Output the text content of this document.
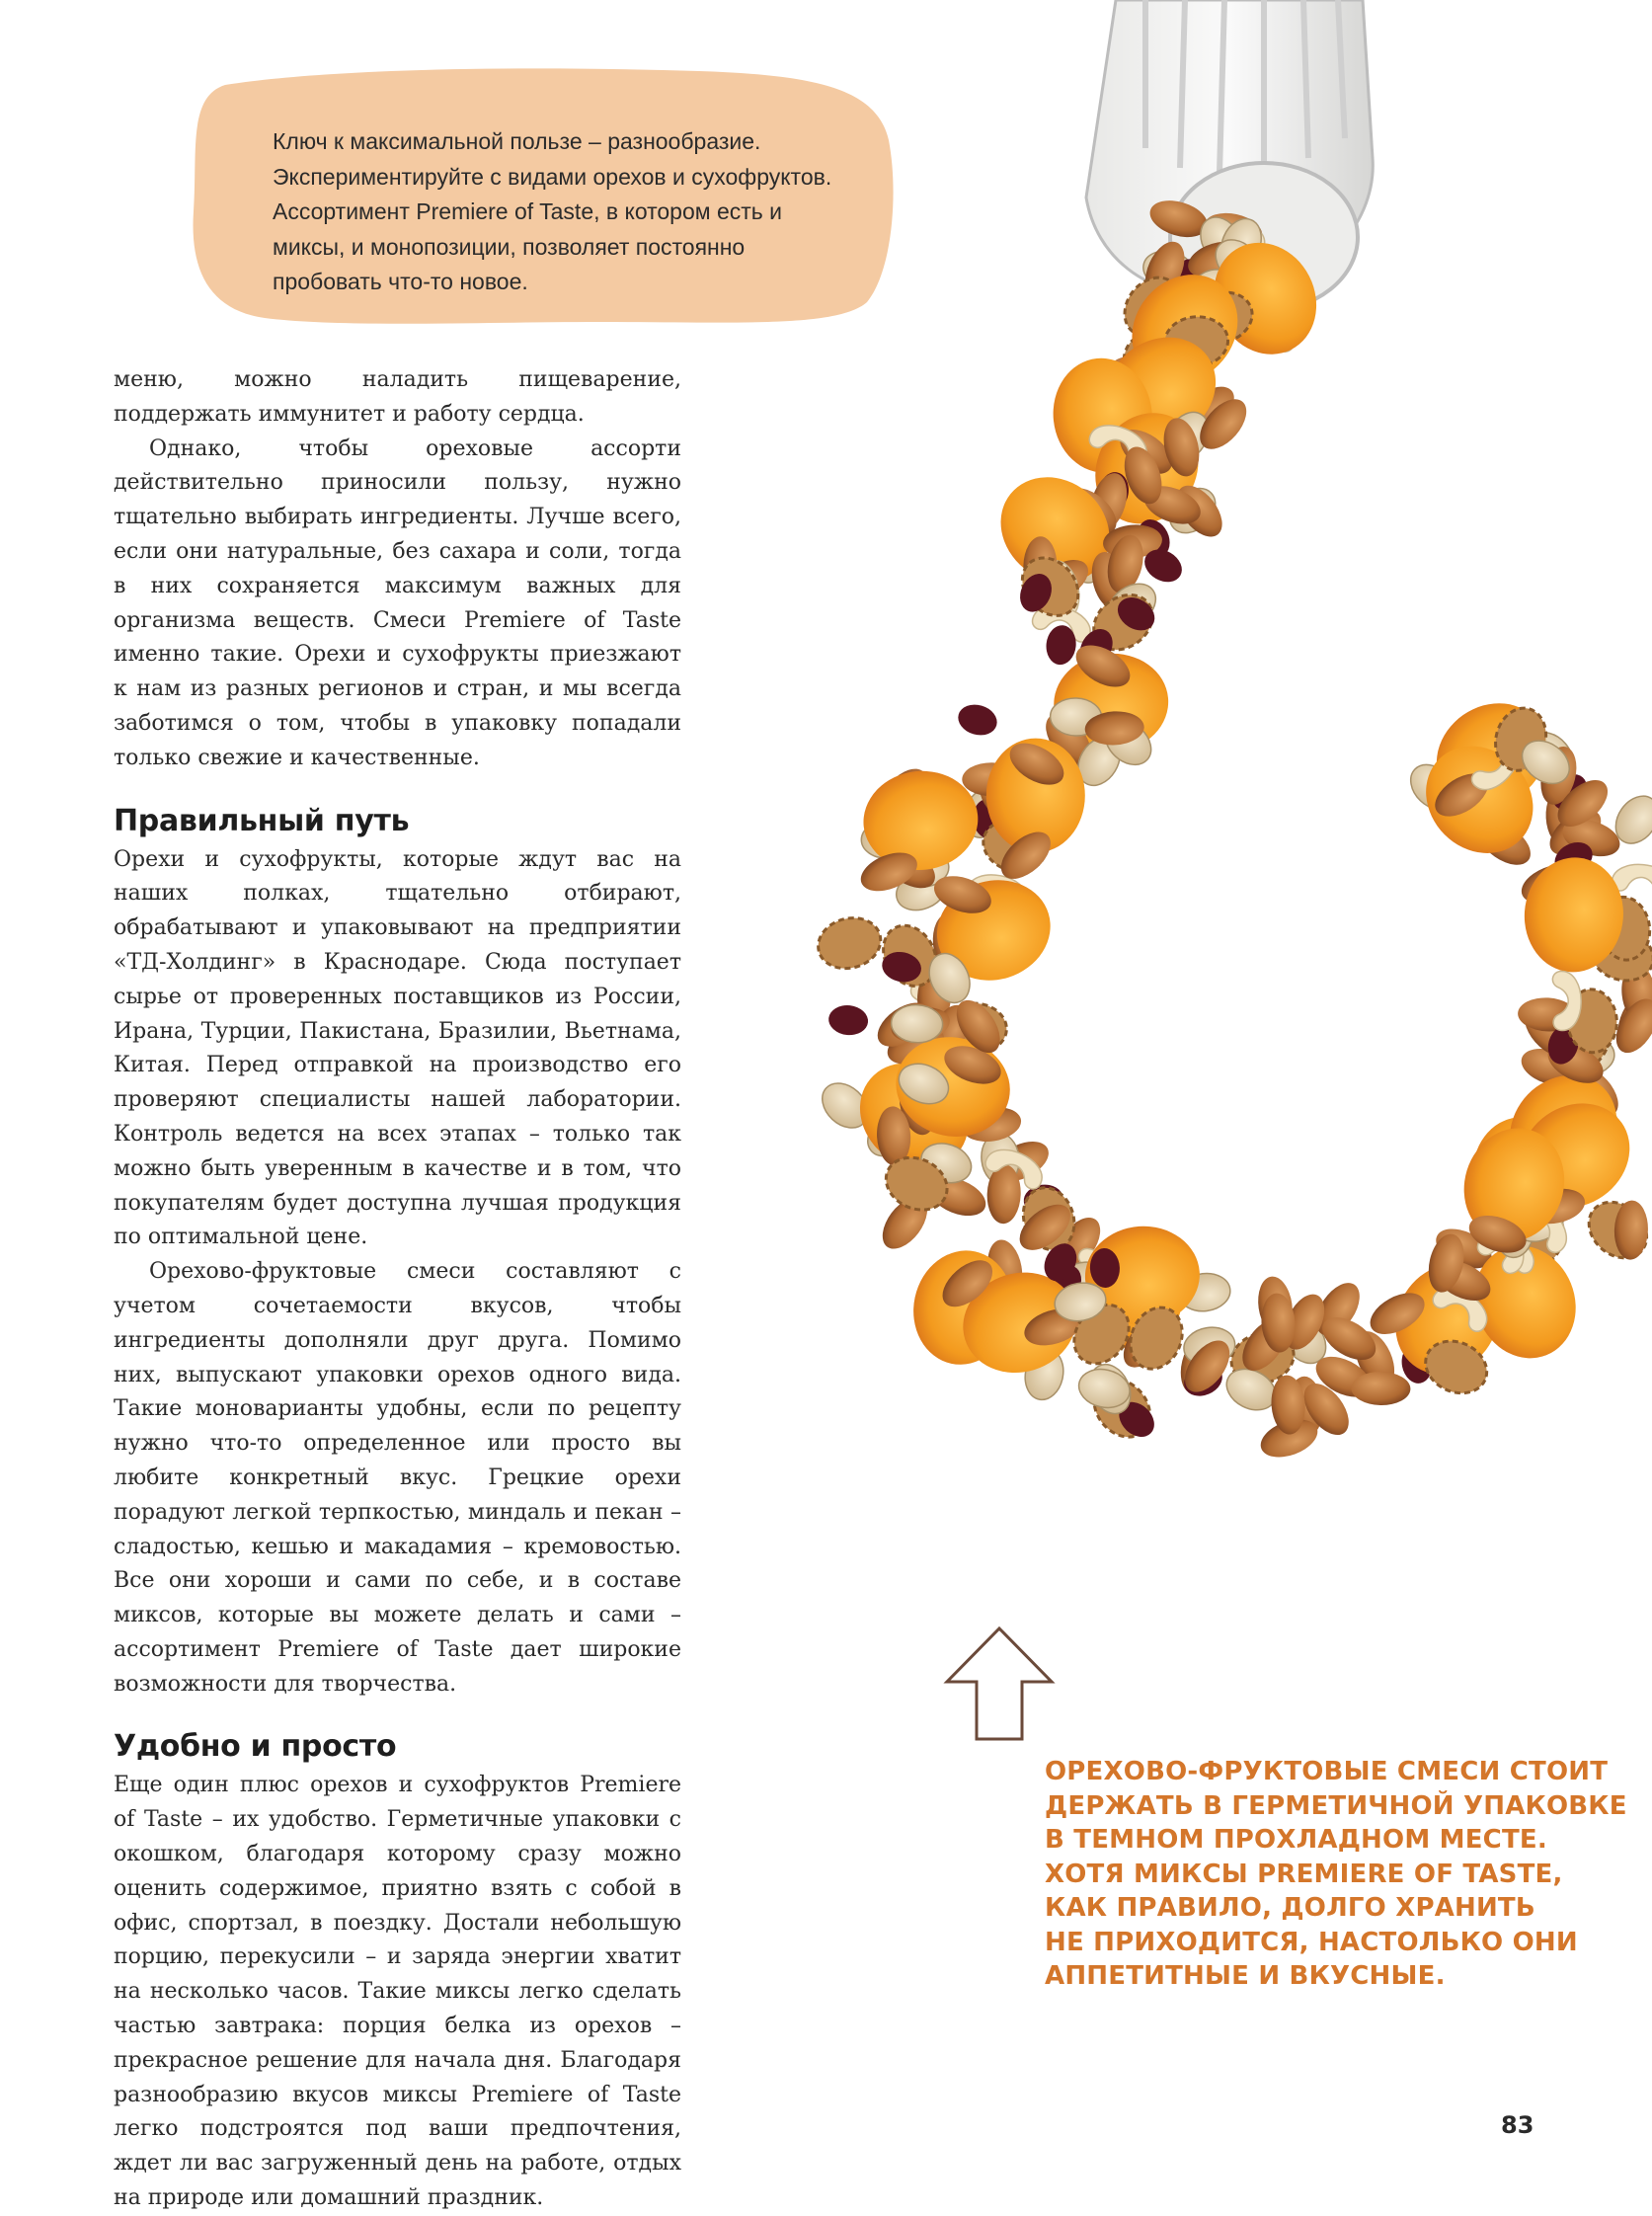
Ключ к максимальной пользе – разнообразие. Экспериментируйте с видами орехов и сухофруктов. Ассортимент Premiere of Taste, в котором есть и миксы, и монопозиции, позволяет постоянно пробовать что-то новое.

меню, можно наладить пищеварение, поддержать иммунитет и работу сердца.

Однако, чтобы ореховые ассорти действительно приносили пользу, нужно тщательно выбирать ингредиенты. Лучше всего, если они натуральные, без сахара и соли, тогда в них сохраняется максимум важных для организма веществ. Смеси Premiere of Taste именно такие. Орехи и сухофрукты приезжают к нам из разных регионов и стран, и мы всегда заботимся о том, чтобы в упаковку попадали только свежие и качественные.

Правильный путь

Орехи и сухофрукты, которые ждут вас на наших полках, тщательно отбирают, обрабатывают и упаковывают на предприятии «ТД-Холдинг» в Краснодаре. Сюда поступает сырье от проверенных поставщиков из России, Ирана, Турции, Пакистана, Бразилии, Вьетнама, Китая. Перед отправкой на производство его проверяют специалисты нашей лаборатории. Контроль ведется на всех этапах – только так можно быть уверенным в качестве и в том, что покупателям будет доступна лучшая продукция по оптимальной цене.

Орехово-фруктовые смеси составляют с учетом сочетаемости вкусов, чтобы ингредиенты дополняли друг друга. Помимо них, выпускают упаковки орехов одного вида. Такие моноварианты удобны, если по рецепту нужно что-то определенное или просто вы любите конкретный вкус. Грецкие орехи порадуют легкой терпкостью, миндаль и пекан – сладостью, кешью и макадамия – кремовостью. Все они хороши и сами по себе, и в составе миксов, которые вы можете делать и сами – ассортимент Premiere of Taste дает широкие возможности для творчества.

Удобно и просто

Еще один плюс орехов и сухофруктов Premiere of Taste – их удобство. Герметичные упаковки с окошком, благодаря которому сразу можно оценить содержимое, приятно взять с собой в офис, спортзал, в поездку. Достали небольшую порцию, перекусили – и заряда энергии хватит на несколько часов. Такие миксы легко сделать частью завтрака: порция белка из орехов – прекрасное решение для начала дня. Благодаря разнообразию вкусов миксы Premiere of Taste легко подстроятся под ваши предпочтения, ждет ли вас загруженный день на работе, отдых на природе или домашний праздник.

ОРЕХОВО-ФРУКТОВЫЕ СМЕСИ СТОИТ
ДЕРЖАТЬ В ГЕРМЕТИЧНОЙ УПАКОВКЕ
В ТЕМНОМ ПРОХЛАДНОМ МЕСТЕ.
ХОТЯ МИКСЫ PREMIERE OF TASTE,
КАК ПРАВИЛО, ДОЛГО ХРАНИТЬ
НЕ ПРИХОДИТСЯ, НАСТОЛЬКО ОНИ
АППЕТИТНЫЕ И ВКУСНЫЕ.
83
